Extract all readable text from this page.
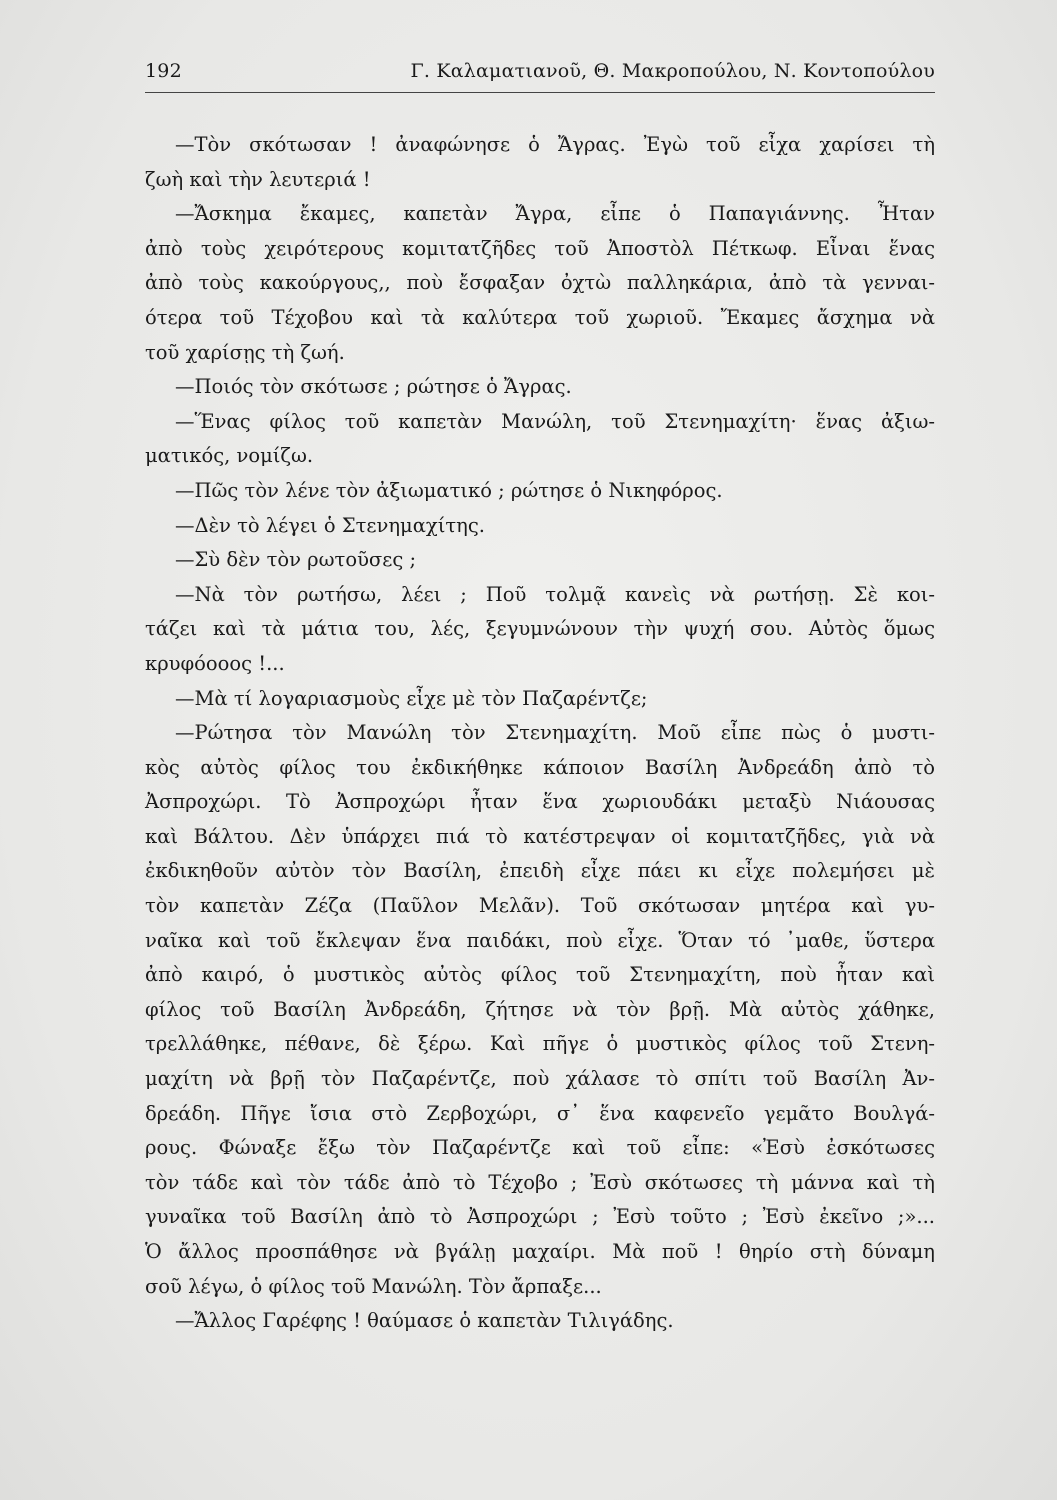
192	Γ. Καλαματιανοῦ, Θ. Μακροπούλου, Ν. Κοντοπούλου
—Τὸν σκότωσαν ! ἀναφώνησε ὁ Ἄγρας. Ἐγὼ τοῦ εἶχα χαρίσει τὴ
ζωὴ καὶ τὴν λευτεριά !
—Ἄσκημα ἔκαμες, καπετὰν Ἄγρα, εἶπε ὁ Παπαγιάννης. Ἦταν
ἀπὸ τοὺς χειρότερους κομιτατζῆδες τοῦ Ἀποστὸλ Πέτκωφ. Εἶναι ἕνας
ἀπὸ τοὺς κακούργους,, ποὺ ἔσφαξαν ὀχτὼ παλληκάρια, ἀπὸ τὰ γενναι-
ότερα τοῦ Τέχοβου καὶ τὰ καλύτερα τοῦ χωριοῦ. Ἔκαμες ἄσχημα νὰ
τοῦ χαρίσῃς τὴ ζωή.
—Ποιός τὸν σκότωσε ; ρώτησε ὁ Ἄγρας.
—Ἕνας φίλος τοῦ καπετὰν Μανώλη, τοῦ Στενημαχίτη· ἕνας ἀξιω-
ματικός, νομίζω.
—Πῶς τὸν λένε τὸν ἀξιωματικό ; ρώτησε ὁ Νικηφόρος.
—Δὲν τὸ λέγει ὁ Στενημαχίτης.
—Σὺ δὲν τὸν ρωτοῦσες ;
—Νὰ τὸν ρωτήσω, λέει ; Ποῦ τολμᾷ κανεὶς νὰ ρωτήσῃ. Σὲ κοι-
τάζει καὶ τὰ μάτια του, λές, ξεγυμνώνουν τὴν ψυχή σου. Αὐτὸς ὅμως
κρυφόοοος !...
—Μὰ τί λογαριασμοὺς εἶχε μὲ τὸν Παζαρέντζε;
—Ρώτησα τὸν Μανώλη τὸν Στενημαχίτη. Μοῦ εἶπε πὼς ὁ μυστι-
κὸς αὐτὸς φίλος του ἐκδικήθηκε κάποιον Βασίλη Ἀνδρεάδη ἀπὸ τὸ
Ἀσπροχώρι. Τὸ Ἀσπροχώρι ἦταν ἕνα χωριουδάκι μεταξὺ Νιάουσας
καὶ Βάλτου. Δὲν ὑπάρχει πιά τὸ κατέστρεψαν οἱ κομιτατζῆδες, γιὰ νὰ
ἐκδικηθοῦν αὐτὸν τὸν Βασίλη, ἐπειδὴ εἶχε πάει κι εἶχε πολεμήσει μὲ
τὸν καπετὰν Ζέζα (Παῦλον Μελᾶν). Τοῦ σκότωσαν μητέρα καὶ γυ-
ναῖκα καὶ τοῦ ἔκλεψαν ἕνα παιδάκι, ποὺ εἶχε. Ὅταν τό ᾽μαθε, ὕστερα
ἀπὸ καιρό, ὁ μυστικὸς αὐτὸς φίλος τοῦ Στενημαχίτη, ποὺ ἦταν καὶ
φίλος τοῦ Βασίλη Ἀνδρεάδη, ζήτησε νὰ τὸν βρῇ. Μὰ αὐτὸς χάθηκε,
τρελλάθηκε, πέθανε, δὲ ξέρω. Καὶ πῆγε ὁ μυστικὸς φίλος τοῦ Στενη-
μαχίτη νὰ βρῇ τὸν Παζαρέντζε, ποὺ χάλασε τὸ σπίτι τοῦ Βασίλη Ἀν-
δρεάδη. Πῆγε ἴσια στὸ Ζερβοχώρι, σ᾽ ἕνα καφενεῖο γεμᾶτο Βουλγά-
ρους. Φώναξε ἔξω τὸν Παζαρέντζε καὶ τοῦ εἶπε: «Ἐσὺ ἐσκότωσες
τὸν τάδε καὶ τὸν τάδε ἀπὸ τὸ Τέχοβο ; Ἐσὺ σκότωσες τὴ μάννα καὶ τὴ
γυναῖκα τοῦ Βασίλη ἀπὸ τὸ Ἀσπροχώρι ; Ἐσὺ τοῦτο ; Ἐσὺ ἐκεῖνο ;»...
Ὁ ἄλλος προσπάθησε νὰ βγάλῃ μαχαίρι. Μὰ ποῦ ! θηρίο στὴ δύναμη
σοῦ λέγω, ὁ φίλος τοῦ Μανώλη. Τὸν ἄρπαξε...
—Ἄλλος Γαρέφης ! θαύμασε ὁ καπετὰν Τιλιγάδης.
